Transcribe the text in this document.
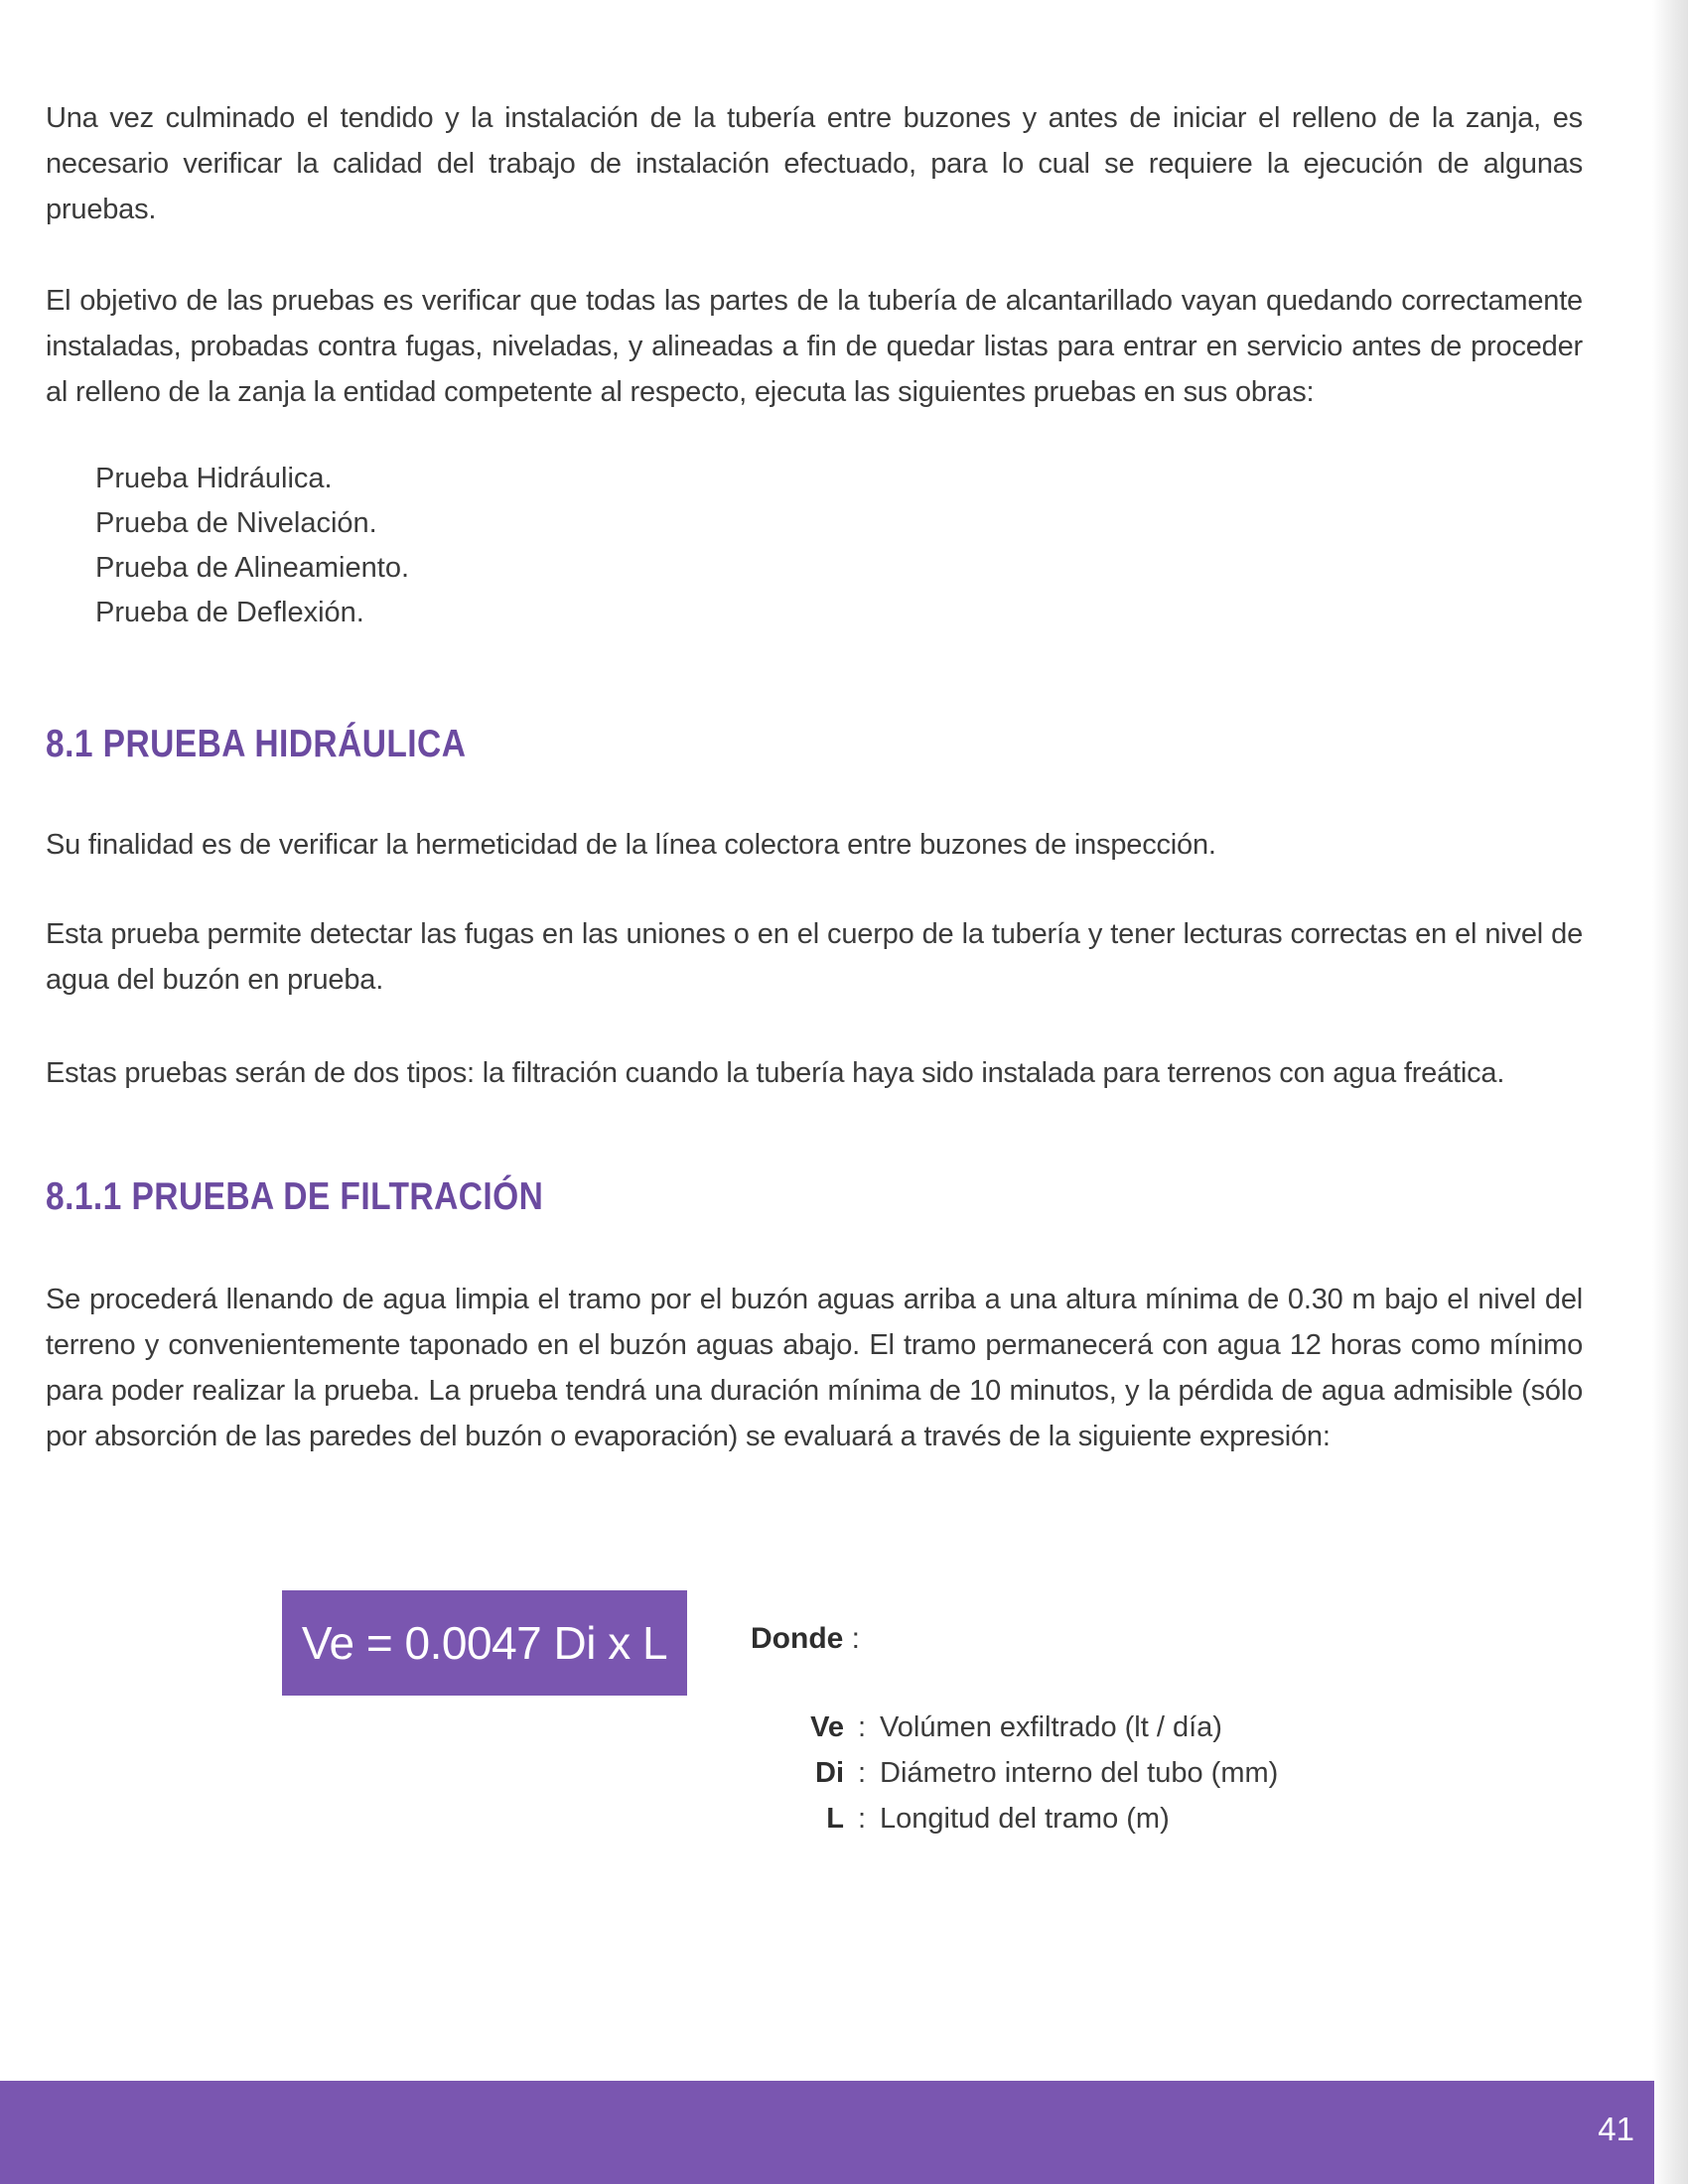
Una vez culminado el tendido y la instalación de la tubería entre buzones y antes de iniciar el relleno de la zanja, es necesario verificar la calidad del trabajo de instalación efectuado, para lo cual se requiere la ejecución de algunas pruebas.

El objetivo de las pruebas es verificar que todas las partes de la tubería de alcantarillado vayan quedando correctamente instaladas, probadas contra fugas, niveladas, y alineadas a fin de quedar listas para entrar en servicio antes de proceder al relleno de la zanja la entidad competente al respecto, ejecuta las siguientes pruebas en sus obras:

Prueba Hidráulica.
Prueba de Nivelación.
Prueba de Alineamiento.
Prueba de Deflexión.
8.1 PRUEBA HIDRÁULICA

Su finalidad es de verificar la hermeticidad de la línea colectora entre buzones de inspección.

Esta prueba permite detectar las fugas en las uniones o en el cuerpo de la tubería y tener lecturas correctas en el nivel de agua del buzón en prueba.

Estas pruebas serán de dos tipos: la filtración cuando la tubería haya sido instalada para terrenos con agua freática.

8.1.1 PRUEBA DE FILTRACIÓN

Se procederá llenando de agua limpia el tramo por el buzón aguas arriba a una altura mínima de 0.30 m bajo el nivel del terreno y convenientemente taponado en el buzón aguas abajo. El tramo permanecerá con agua 12 horas como mínimo para poder realizar la prueba. La prueba tendrá una duración mínima de 10 minutos, y la pérdida de agua admisible (sólo por absorción de las paredes del buzón o evaporación) se evaluará a través de la siguiente expresión:

Ve = 0.0047 Di x L	Donde :
Ve : Volúmen exfiltrado (lt / día)
Di : Diámetro interno del tubo (mm)
L : Longitud del tramo (m)
41
